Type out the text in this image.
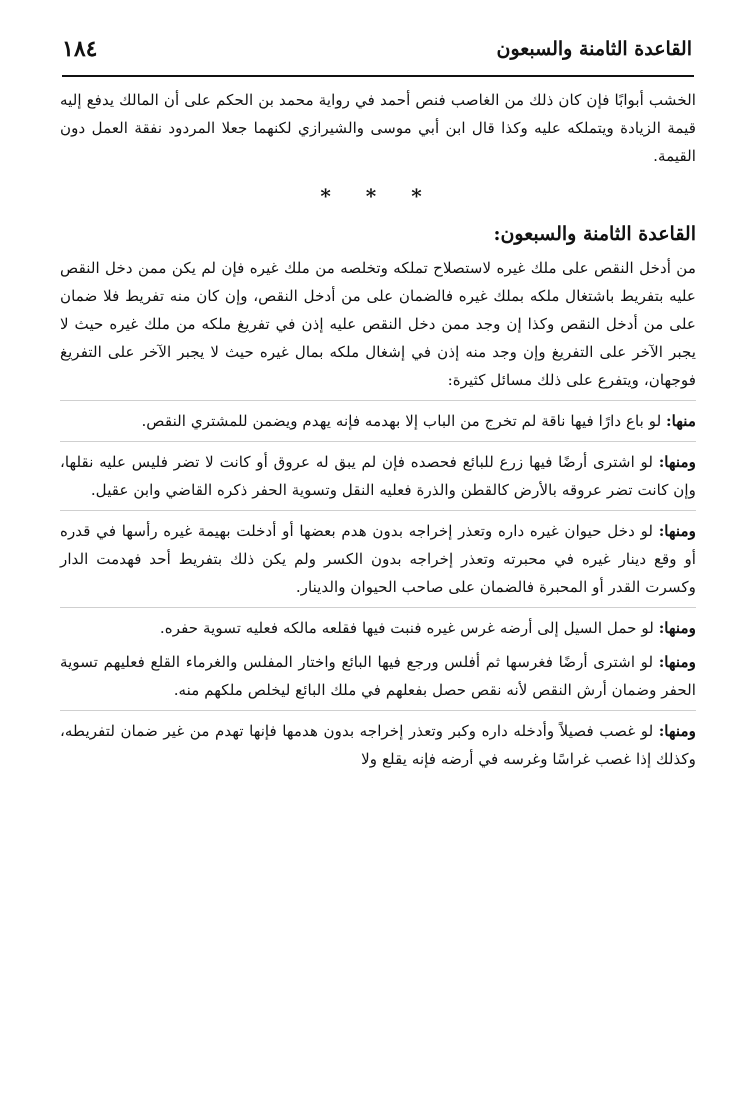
القاعدة الثامنة والسبعون
١٨٤

الخشب أبوابًا فإن كان ذلك من الغاصب فنص أحمد في رواية محمد بن الحكم على أن المالك يدفع إليه قيمة الزيادة ويتملكه عليه وكذا قال ابن أبي موسى والشيرازي لكنهما جعلا المردود نفقة العمل دون القيمة.

* * *
القاعدة الثامنة والسبعون:

من أدخل النقص على ملك غيره لاستصلاح تملكه وتخلصه من ملك غيره فإن لم يكن ممن دخل النقص عليه بتفريط باشتغال ملكه بملك غيره فالضمان على من أدخل النقص، وإن كان منه تفريط فلا ضمان على من أدخل النقص وكذا إن وجد ممن دخل النقص عليه إذن في تفريغ ملكه من ملك غيره حيث لا يجبر الآخر على التفريغ وإن وجد منه إذن في إشغال ملكه بمال غيره حيث لا يجبر الآخر على التفريغ فوجهان، ويتفرع على ذلك مسائل كثيرة:

منها: لو باع دارًا فيها ناقة لم تخرج من الباب إلا بهدمه فإنه يهدم ويضمن للمشتري النقص.

ومنها: لو اشترى أرضًا فيها زرع للبائع فحصده فإن لم يبق له عروق أو كانت لا تضر فليس عليه نقلها، وإن كانت تضر عروقه بالأرض كالقطن والذرة فعليه النقل وتسوية الحفر ذكره القاضي وابن عقيل.

ومنها: لو دخل حيوان غيره داره وتعذر إخراجه بدون هدم بعضها أو أدخلت بهيمة غيره رأسها في قدره أو وقع دينار غيره في محبرته وتعذر إخراجه بدون الكسر ولم يكن ذلك بتفريط أحد فهدمت الدار وكسرت القدر أو المحبرة فالضمان على صاحب الحيوان والدينار.

ومنها: لو حمل السيل إلى أرضه غرس غيره فنبت فيها فقلعه مالكه فعليه تسوية حفره.

ومنها: لو اشترى أرضًا فغرسها ثم أفلس ورجع فيها البائع واختار المفلس والغرماء القلع فعليهم تسوية الحفر وضمان أرش النقص لأنه نقص حصل بفعلهم في ملك البائع ليخلص ملكهم منه.

ومنها: لو غصب فصيلاً وأدخله داره وكبر وتعذر إخراجه بدون هدمها فإنها تهدم من غير ضمان لتفريطه، وكذلك إذا غصب غراسًا وغرسه في أرضه فإنه يقلع ولا
